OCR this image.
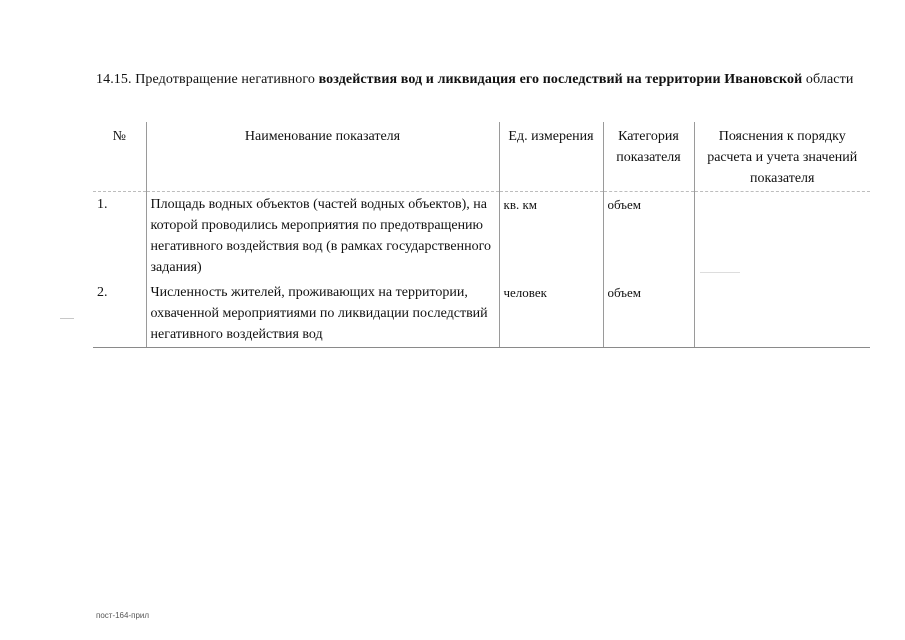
14.15. Предотвращение негативного воздействия вод и ликвидация его последствий на территории Ивановской области
№	Наименование показателя	Ед. измерения	Категория показателя	Пояснения к порядку расчета и учета значений показателя
1.	Площадь водных объектов (частей водных объектов), на которой проводились мероприятия по предотвращению негативного воздействия вод (в рамках государственного задания)	кв. км	объем	
2.	Численность жителей, проживающих на территории, охваченной мероприятиями по ликвидации последствий негативного воздействия вод	человек	объем	
пост-164-прил
